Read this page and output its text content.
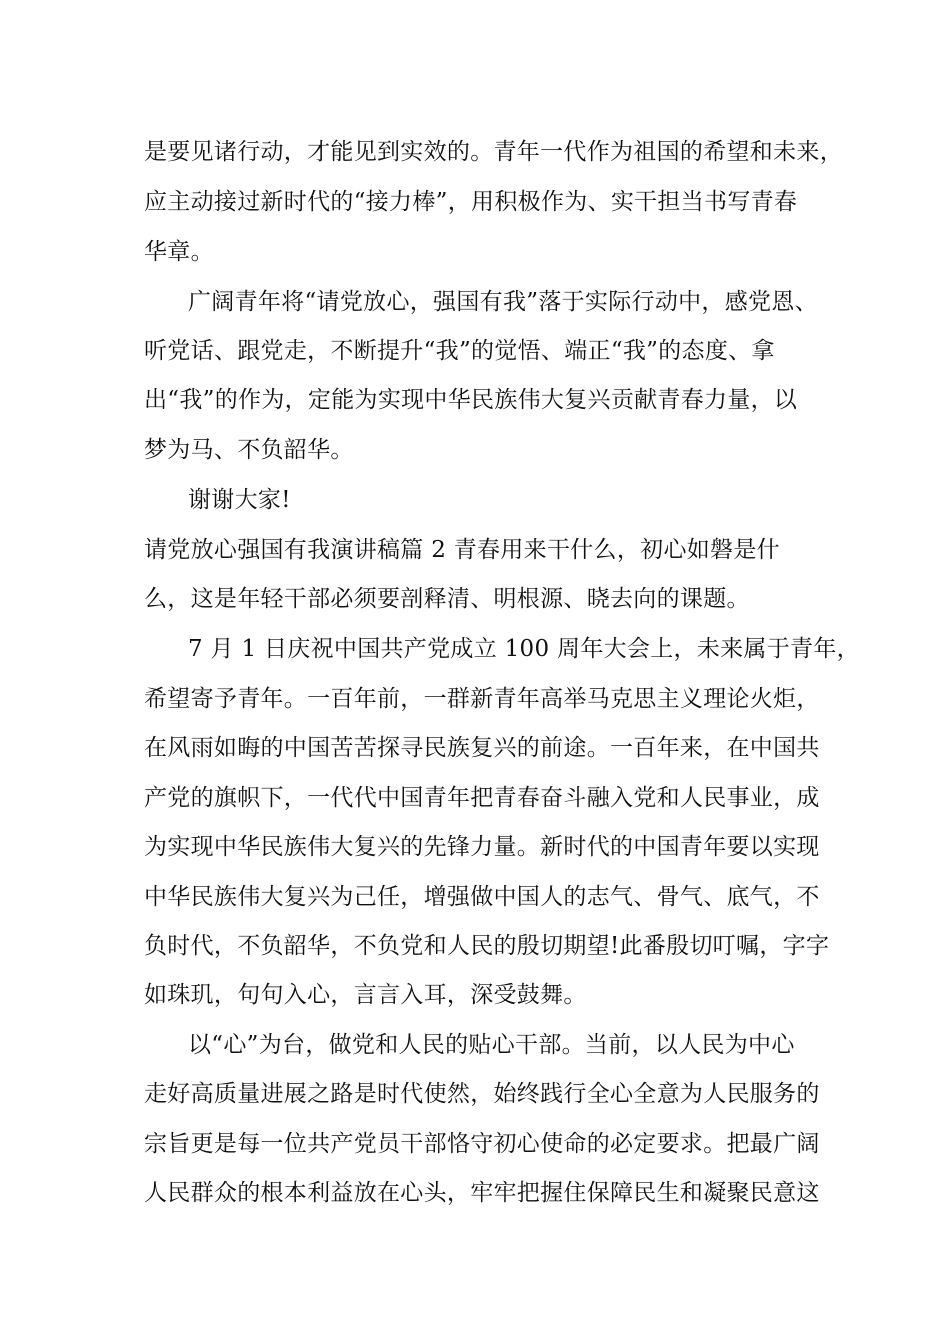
是要见诸行动，才能见到实效的。青年一代作为祖国的希望和未来，
应主动接过新时代的“接力棒”，用积极作为、实干担当书写青春
华章。
广阔青年将“请党放心，强国有我”落于实际行动中，感党恩、
听党话、跟党走，不断提升“我”的觉悟、端正“我”的态度、拿
出“我”的作为，定能为实现中华民族伟大复兴贡献青春力量，以
梦为马、不负韶华。
谢谢大家!
请党放心强国有我演讲稿篇 2 青春用来干什么，初心如磐是什
么，这是年轻干部必须要剖释清、明根源、晓去向的课题。
7 月 1 日庆祝中国共产党成立 100 周年大会上，未来属于青年，
希望寄予青年。一百年前，一群新青年高举马克思主义理论火炬，
在风雨如晦的中国苦苦探寻民族复兴的前途。一百年来，在中国共
产党的旗帜下，一代代中国青年把青春奋斗融入党和人民事业，成
为实现中华民族伟大复兴的先锋力量。新时代的中国青年要以实现
中华民族伟大复兴为己任，增强做中国人的志气、骨气、底气，不
负时代，不负韶华，不负党和人民的殷切期望!此番殷切叮嘱，字字
如珠玑，句句入心，言言入耳，深受鼓舞。
以“心”为台，做党和人民的贴心干部。当前，以人民为中心
走好高质量进展之路是时代使然，始终践行全心全意为人民服务的
宗旨更是每一位共产党员干部恪守初心使命的必定要求。把最广阔
人民群众的根本利益放在心头，牢牢把握住保障民生和凝聚民意这
